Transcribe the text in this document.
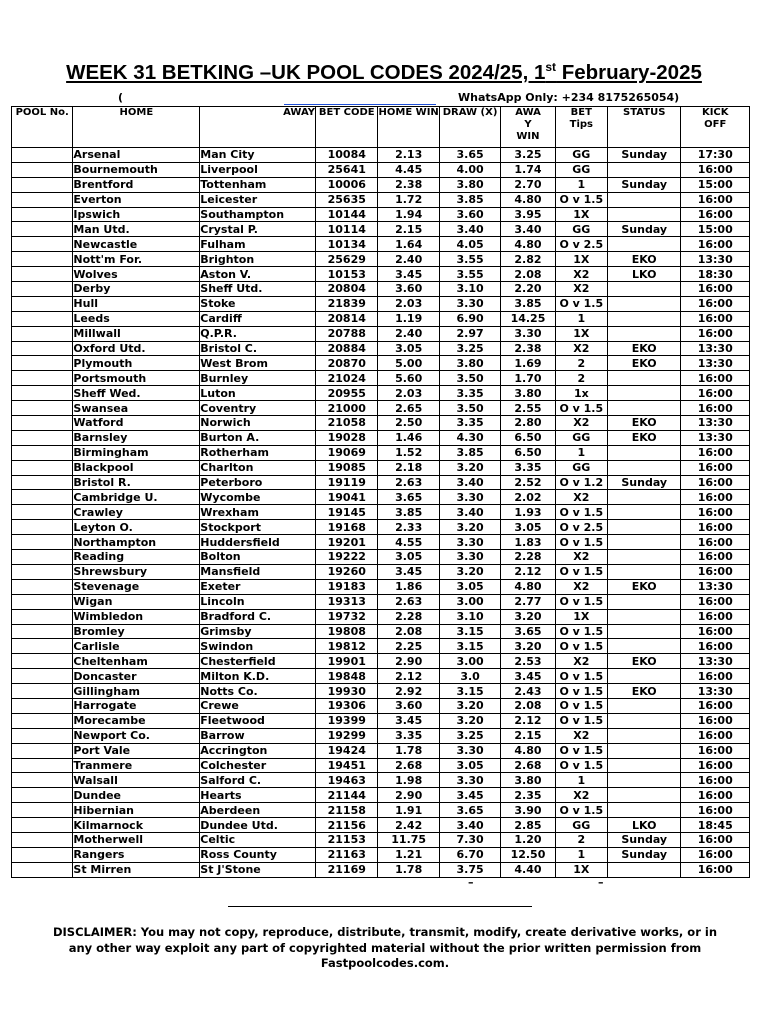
WEEK 31 BETKING –UK POOL CODES 2024/25, 1st February-2025
(	WhatsApp Only: +234 8175265054)
POOL No.	HOME	AWAY	BET CODE	HOME WIN	DRAW (X)	AWA Y WIN	BET Tips	STATUS	KICK OFF
	Arsenal	Man City	10084	2.13	3.65	3.25	GG	Sunday	17:30
	Bournemouth	Liverpool	25641	4.45	4.00	1.74	GG		16:00
	Brentford	Tottenham	10006	2.38	3.80	2.70	1	Sunday	15:00
	Everton	Leicester	25635	1.72	3.85	4.80	O v 1.5		16:00
	Ipswich	Southampton	10144	1.94	3.60	3.95	1X		16:00
	Man Utd.	Crystal P.	10114	2.15	3.40	3.40	GG	Sunday	15:00
	Newcastle	Fulham	10134	1.64	4.05	4.80	O v 2.5		16:00
	Nott'm For.	Brighton	25629	2.40	3.55	2.82	1X	EKO	13:30
	Wolves	Aston V.	10153	3.45	3.55	2.08	X2	LKO	18:30
	Derby	Sheff Utd.	20804	3.60	3.10	2.20	X2		16:00
	Hull	Stoke	21839	2.03	3.30	3.85	O v 1.5		16:00
	Leeds	Cardiff	20814	1.19	6.90	14.25	1		16:00
	Millwall	Q.P.R.	20788	2.40	2.97	3.30	1X		16:00
	Oxford Utd.	Bristol C.	20884	3.05	3.25	2.38	X2	EKO	13:30
	Plymouth	West Brom	20870	5.00	3.80	1.69	2	EKO	13:30
	Portsmouth	Burnley	21024	5.60	3.50	1.70	2		16:00
	Sheff Wed.	Luton	20955	2.03	3.35	3.80	1x		16:00
	Swansea	Coventry	21000	2.65	3.50	2.55	O v 1.5		16:00
	Watford	Norwich	21058	2.50	3.35	2.80	X2	EKO	13:30
	Barnsley	Burton A.	19028	1.46	4.30	6.50	GG	EKO	13:30
	Birmingham	Rotherham	19069	1.52	3.85	6.50	1		16:00
	Blackpool	Charlton	19085	2.18	3.20	3.35	GG		16:00
	Bristol R.	Peterboro	19119	2.63	3.40	2.52	O v 1.2	Sunday	16:00
	Cambridge U.	Wycombe	19041	3.65	3.30	2.02	X2		16:00
	Crawley	Wrexham	19145	3.85	3.40	1.93	O v 1.5		16:00
	Leyton O.	Stockport	19168	2.33	3.20	3.05	O v 2.5		16:00
	Northampton	Huddersfield	19201	4.55	3.30	1.83	O v 1.5		16:00
	Reading	Bolton	19222	3.05	3.30	2.28	X2		16:00
	Shrewsbury	Mansfield	19260	3.45	3.20	2.12	O v 1.5		16:00
	Stevenage	Exeter	19183	1.86	3.05	4.80	X2	EKO	13:30
	Wigan	Lincoln	19313	2.63	3.00	2.77	O v 1.5		16:00
	Wimbledon	Bradford C.	19732	2.28	3.10	3.20	1X		16:00
	Bromley	Grimsby	19808	2.08	3.15	3.65	O v 1.5		16:00
	Carlisle	Swindon	19812	2.25	3.15	3.20	O v 1.5		16:00
	Cheltenham	Chesterfield	19901	2.90	3.00	2.53	X2	EKO	13:30
	Doncaster	Milton K.D.	19848	2.12	3.0	3.45	O v 1.5		16:00
	Gillingham	Notts Co.	19930	2.92	3.15	2.43	O v 1.5	EKO	13:30
	Harrogate	Crewe	19306	3.60	3.20	2.08	O v 1.5		16:00
	Morecambe	Fleetwood	19399	3.45	3.20	2.12	O v 1.5		16:00
	Newport Co.	Barrow	19299	3.35	3.25	2.15	X2		16:00
	Port Vale	Accrington	19424	1.78	3.30	4.80	O v 1.5		16:00
	Tranmere	Colchester	19451	2.68	3.05	2.68	O v 1.5		16:00
	Walsall	Salford C.	19463	1.98	3.30	3.80	1		16:00
	Dundee	Hearts	21144	2.90	3.45	2.35	X2		16:00
	Hibernian	Aberdeen	21158	1.91	3.65	3.90	O v 1.5		16:00
	Kilmarnock	Dundee Utd.	21156	2.42	3.40	2.85	GG	LKO	18:45
	Motherwell	Celtic	21153	11.75	7.30	1.20	2	Sunday	16:00
	Rangers	Ross County	21163	1.21	6.70	12.50	1	Sunday	16:00
	St Mirren	St J'Stone	21169	1.78	3.75	4.40	1X		16:00
–	–
DISCLAIMER: You may not copy, reproduce, distribute, transmit, modify, create derivative works, or in any other way exploit any part of copyrighted material without the prior written permission from Fastpoolcodes.com.
